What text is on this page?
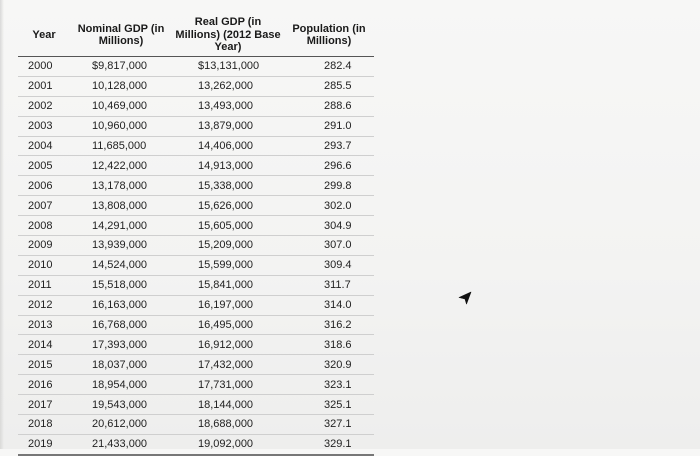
Year	Nominal GDP (in Millions)	Real GDP (in Millions) (2012 Base Year)	Population (in Millions)
2000	$9,817,000	$13,131,000	282.4
2001	10,128,000	13,262,000	285.5
2002	10,469,000	13,493,000	288.6
2003	10,960,000	13,879,000	291.0
2004	11,685,000	14,406,000	293.7
2005	12,422,000	14,913,000	296.6
2006	13,178,000	15,338,000	299.8
2007	13,808,000	15,626,000	302.0
2008	14,291,000	15,605,000	304.9
2009	13,939,000	15,209,000	307.0
2010	14,524,000	15,599,000	309.4
2011	15,518,000	15,841,000	311.7
2012	16,163,000	16,197,000	314.0
2013	16,768,000	16,495,000	316.2
2014	17,393,000	16,912,000	318.6
2015	18,037,000	17,432,000	320.9
2016	18,954,000	17,731,000	323.1
2017	19,543,000	18,144,000	325.1
2018	20,612,000	18,688,000	327.1
2019	21,433,000	19,092,000	329.1
